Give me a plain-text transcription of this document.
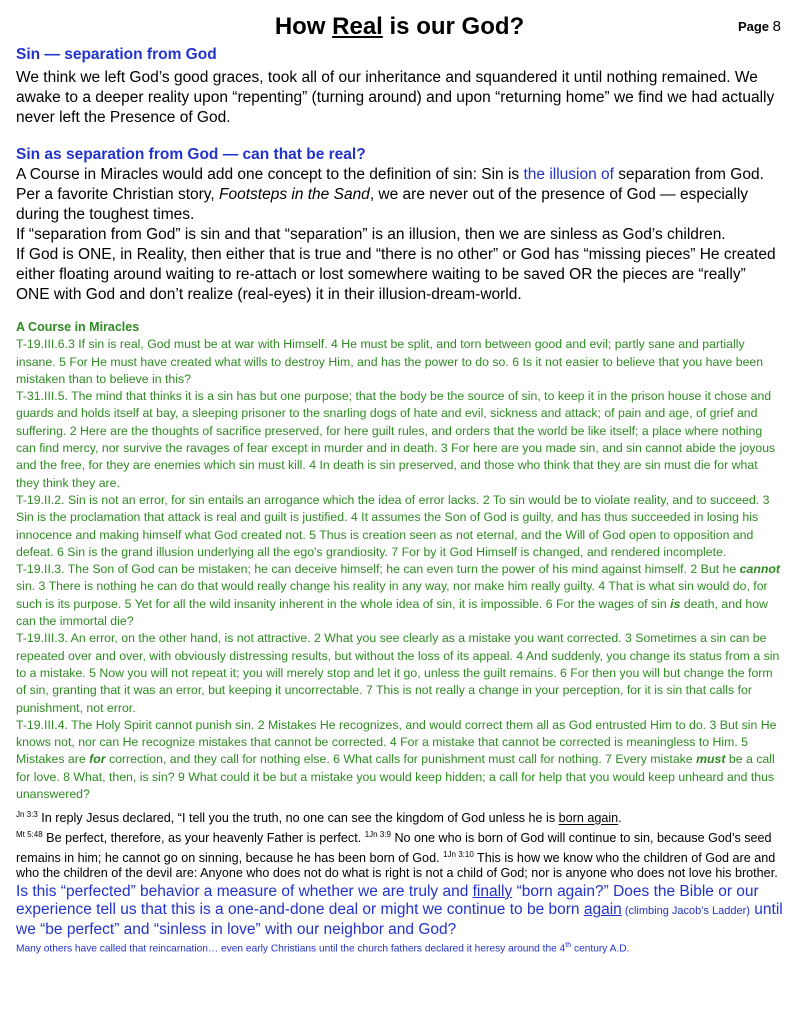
How Real is our God?	Page 8
Sin — separation from God

We think we left God’s good graces, took all of our inheritance and squandered it until nothing remained. We awake to a deeper reality upon “repenting” (turning around) and upon “returning home” we find we had actually never left the Presence of God.

Sin as separation from God — can that be real?

A Course in Miracles would add one concept to the definition of sin: Sin is the illusion of separation from God. Per a favorite Christian story, Footsteps in the Sand, we are never out of the presence of God — especially during the toughest times.

If “separation from God” is sin and that “separation” is an illusion, then we are sinless as God’s children.

If God is ONE, in Reality, then either that is true and “there is no other” or God has “missing pieces” He created either floating around waiting to re-attach or lost somewhere waiting to be saved OR the pieces are “really” ONE with God and don’t realize (real-eyes) it in their illusion-dream-world.

A Course in Miracles

T-19.III.6.3 If sin is real, God must be at war with Himself. 4 He must be split, and torn between good and evil; partly sane and partially insane. 5 For He must have created what wills to destroy Him, and has the power to do so. 6 Is it not easier to believe that you have been mistaken than to believe in this?

T-31.III.5. The mind that thinks it is a sin has but one purpose; that the body be the source of sin, to keep it in the prison house it chose and guards and holds itself at bay, a sleeping prisoner to the snarling dogs of hate and evil, sickness and attack; of pain and age, of grief and suffering. 2 Here are the thoughts of sacrifice preserved, for here guilt rules, and orders that the world be like itself; a place where nothing can find mercy, nor survive the ravages of fear except in murder and in death. 3 For here are you made sin, and sin cannot abide the joyous and the free, for they are enemies which sin must kill. 4 In death is sin preserved, and those who think that they are sin must die for what they think they are.

T-19.II.2. Sin is not an error, for sin entails an arrogance which the idea of error lacks. 2 To sin would be to violate reality, and to succeed. 3 Sin is the proclamation that attack is real and guilt is justified. 4 It assumes the Son of God is guilty, and has thus succeeded in losing his innocence and making himself what God created not. 5 Thus is creation seen as not eternal, and the Will of God open to opposition and defeat. 6 Sin is the grand illusion underlying all the ego's grandiosity. 7 For by it God Himself is changed, and rendered incomplete.

T-19.II.3. The Son of God can be mistaken; he can deceive himself; he can even turn the power of his mind against himself. 2 But he cannot sin. 3 There is nothing he can do that would really change his reality in any way, nor make him really guilty. 4 That is what sin would do, for such is its purpose. 5 Yet for all the wild insanity inherent in the whole idea of sin, it is impossible. 6 For the wages of sin is death, and how can the immortal die?

T-19.III.3. An error, on the other hand, is not attractive. 2 What you see clearly as a mistake you want corrected. 3 Sometimes a sin can be repeated over and over, with obviously distressing results, but without the loss of its appeal. 4 And suddenly, you change its status from a sin to a mistake. 5 Now you will not repeat it; you will merely stop and let it go, unless the guilt remains. 6 For then you will but change the form of sin, granting that it was an error, but keeping it uncorrectable. 7 This is not really a change in your perception, for it is sin that calls for punishment, not error.

T-19.III.4. The Holy Spirit cannot punish sin. 2 Mistakes He recognizes, and would correct them all as God entrusted Him to do. 3 But sin He knows not, nor can He recognize mistakes that cannot be corrected. 4 For a mistake that cannot be corrected is meaningless to Him. 5 Mistakes are for correction, and they call for nothing else. 6 What calls for punishment must call for nothing. 7 Every mistake must be a call for love. 8 What, then, is sin? 9 What could it be but a mistake you would keep hidden; a call for help that you would keep unheard and thus unanswered?

$^{Jn 3:3}$ In reply Jesus declared, “I tell you the truth, no one can see the kingdom of God unless he is born again.

$^{Mt 5:48}$ Be perfect, therefore, as your heavenly Father is perfect. $^{1Jn 3:9}$ No one who is born of God will continue to sin, because God’s seed remains in him; he cannot go on sinning, because he has been born of God. $^{1Jn 3:10}$ This is how we know who the children of God are and who the children of the devil are: Anyone who does not do what is right is not a child of God; nor is anyone who does not love his brother.

Is this “perfected” behavior a measure of whether we are truly and finally “born again?” Does the Bible or our experience tell us that this is a one-and-done deal or might we continue to be born again (climbing Jacob’s Ladder) until we “be perfect” and “sinless in love” with our neighbor and God?

Many others have called that reincarnation… even early Christians until the church fathers declared it heresy around the 4th century A.D.
